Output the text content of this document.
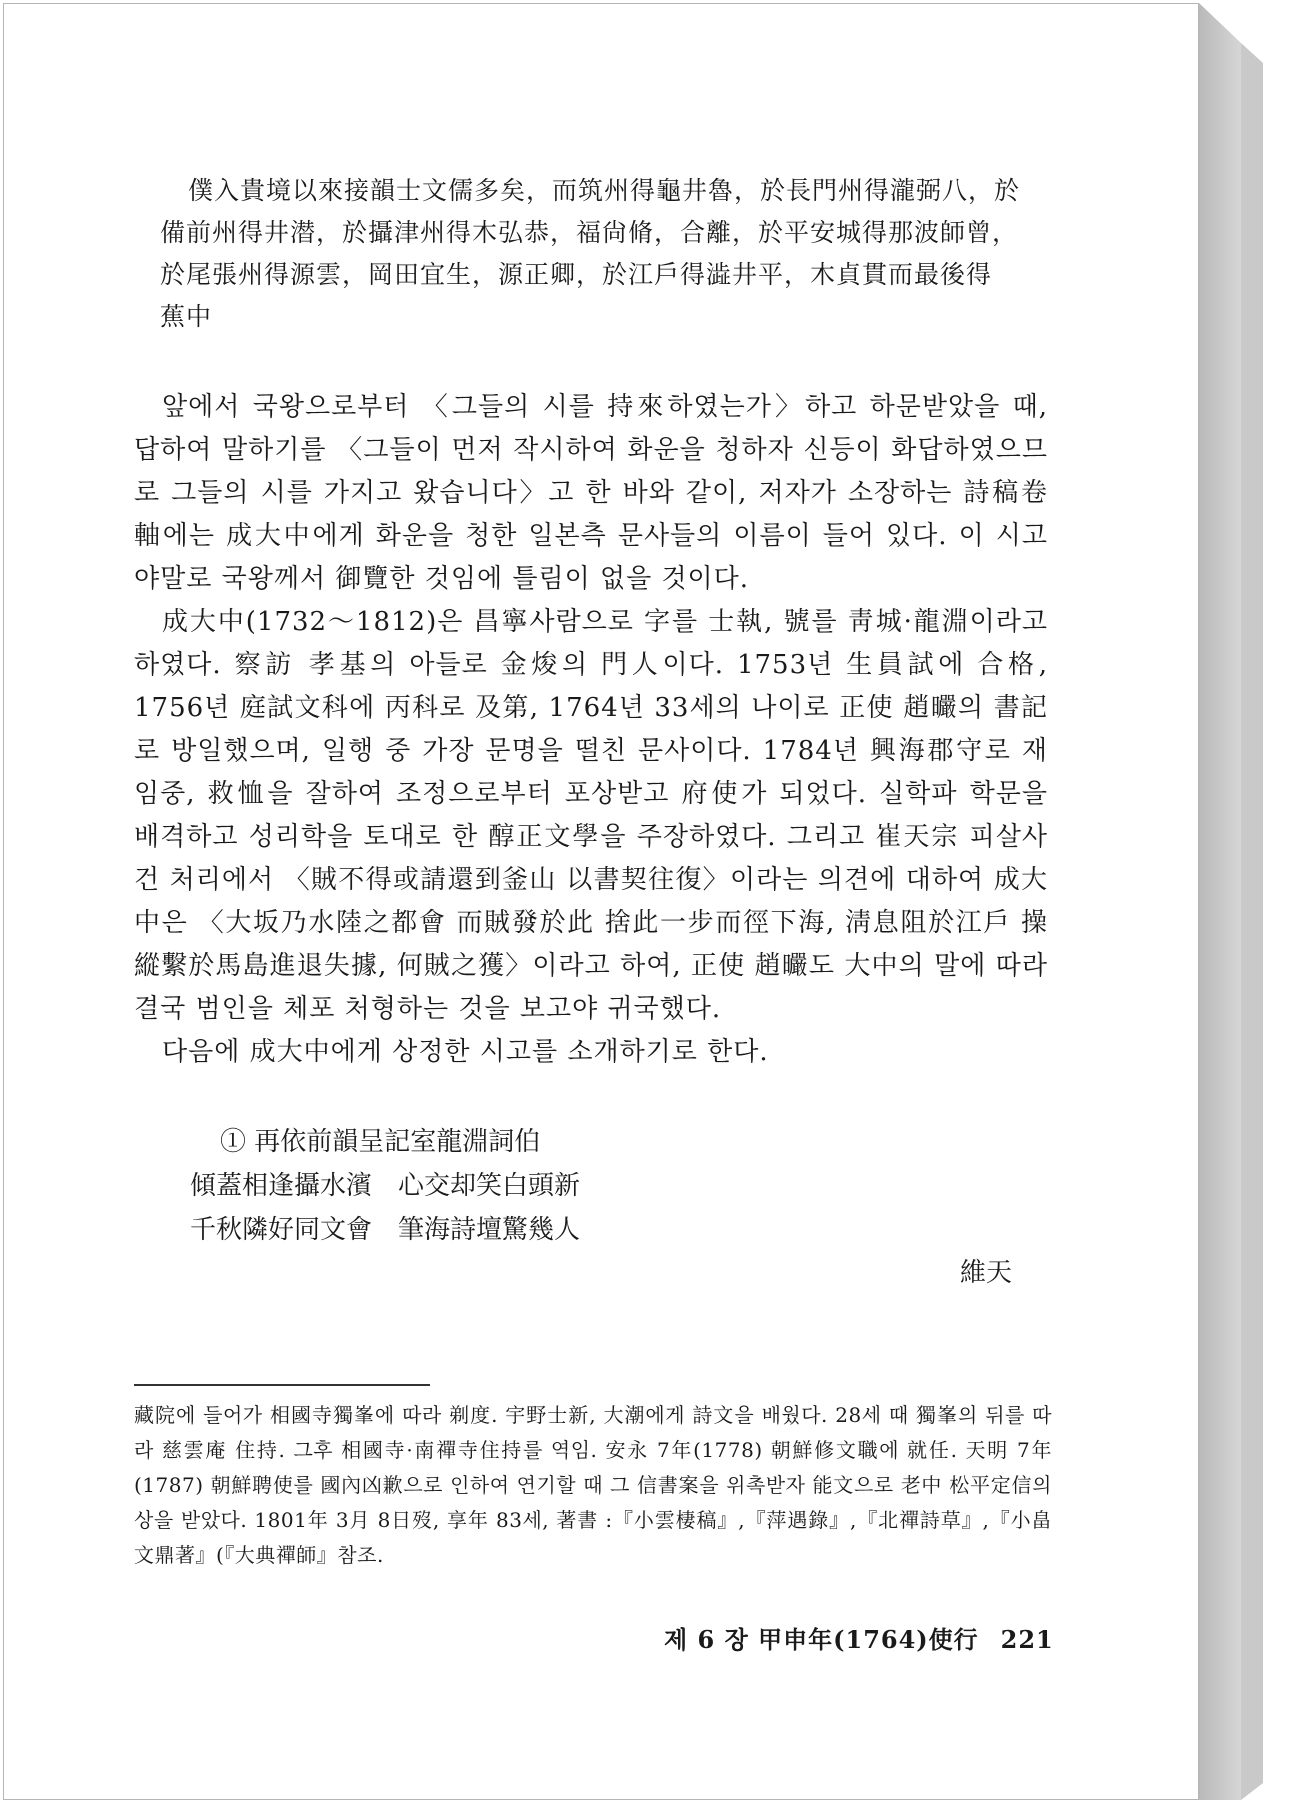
僕入貴境以來接韻士文儒多矣，而筑州得龜井魯，於長門州得瀧弼八，於
備前州得井潜，於攝津州得木弘恭，福尙脩，合離，於平安城得那波師曾，
於尾張州得源雲，岡田宜生，源正卿，於江戶得澁井平，木貞貫而最後得
蕉中

앞에서 국왕으로부터 〈그들의 시를 持來하였는가〉하고 하문받았을 때, 답하여 말하기를 〈그들이 먼저 작시하여 화운을 청하자 신등이 화답하였으므로 그들의 시를 가지고 왔습니다〉고 한 바와 같이, 저자가 소장하는 詩稿卷軸에는 成大中에게 화운을 청한 일본측 문사들의 이름이 들어 있다. 이 시고야말로 국왕께서 御覽한 것임에 틀림이 없을 것이다.

成大中(1732～1812)은 昌寧사람으로 字를 士執, 號를 靑城·龍淵이라고 하였다. 察訪 孝基의 아들로 金焌의 門人이다. 1753년 生員試에 合格, 1756년 庭試文科에 丙科로 及第, 1764년 33세의 나이로 正使 趙曮의 書記로 방일했으며, 일행 중 가장 문명을 떨친 문사이다. 1784년 興海郡守로 재임중, 救恤을 잘하여 조정으로부터 포상받고 府使가 되었다. 실학파 학문을 배격하고 성리학을 토대로 한 醇正文學을 주장하였다. 그리고 崔天宗 피살사건 처리에서 〈賊不得或請還到釜山 以書契往復〉이라는 의견에 대하여 成大中은 〈大坂乃水陸之都會 而賊發於此 捨此一步而徑下海, 淸息阻於江戶 操縱繫於馬島進退失據, 何賊之獲〉이라고 하여, 正使 趙曮도 大中의 말에 따라 결국 범인을 체포 처형하는 것을 보고야 귀국했다.

다음에 成大中에게 상정한 시고를 소개하기로 한다.

① 再依前韻呈記室龍淵詞伯
傾蓋相逢攝水濱　心交却笑白頭新
千秋隣好同文會　筆海詩壇驚幾人
維天
藏院에 들어가 相國寺獨峯에 따라 剃度. 宇野士新, 大潮에게 詩文을 배웠다. 28세 때 獨峯의 뒤를 따라 慈雲庵 住持. 그후 相國寺·南禪寺住持를 역임. 安永 7年(1778) 朝鮮修文職에 就任. 天明 7年(1787) 朝鮮聘使를 國內凶歉으로 인하여 연기할 때 그 信書案을 위촉받자 能文으로 老中 松平定信의 상을 받았다. 1801年 3月 8日歿, 享年 83세, 著書 :『小雲棲稿』,『萍遇錄』,『北禪詩草』,『小畠文鼎著』(『大典禪師』참조.
제 6 장 甲申年(1764)使行 221
